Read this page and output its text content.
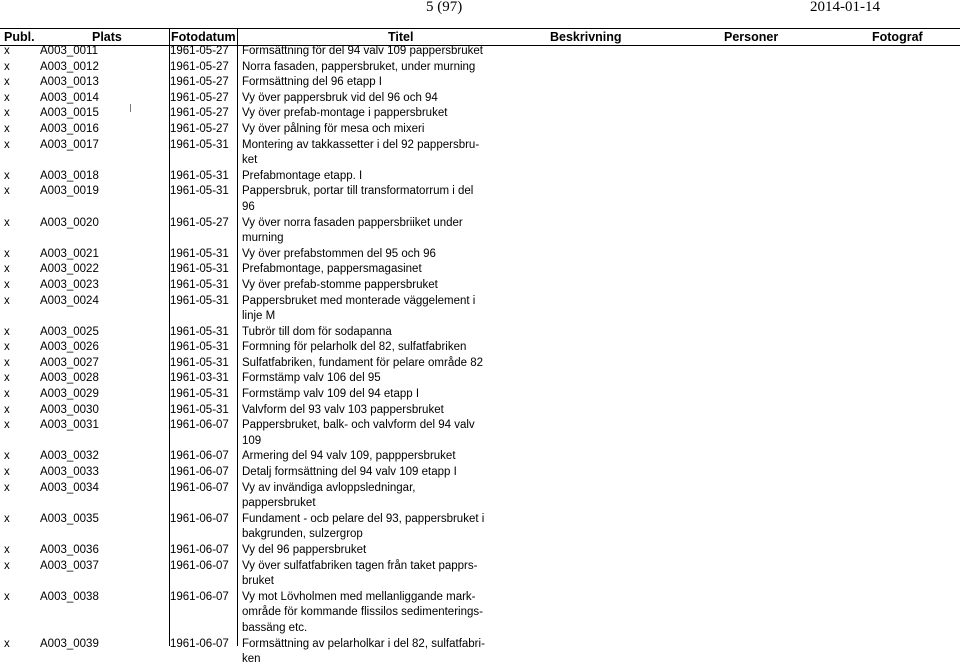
5 (97)	2014-01-14
Publ.	Plats	Fotodatum	Titel	Beskrivning	Personer	Fotograf
x	A003_0011	1961-05-27 Formsättning för del 94 valv 109 pappersbruket
x	A003_0012	1961-05-27 Norra fasaden, pappersbruket, under murning
x	A003_0013	1961-05-27 Formsättning del 96 etapp I
x	A003_0014	1961-05-27 Vy över pappersbruk vid del 96 och 94
x	A003_0015	1961-05-27 Vy över prefab-montage i pappersbruket
x	A003_0016	1961-05-27 Vy över pålning för mesa och mixeri
x	A003_0017	1961-05-31 Montering av takkassetter i del 92 pappersbru-
ket
x	A003_0018	1961-05-31 Prefabmontage etapp. I
x	A003_0019	1961-05-31 Pappersbruk, portar till transformatorrum i del
96
x	A003_0020	1961-05-27 Vy över norra fasaden pappersbriiket under
murning
x	A003_0021	1961-05-31 Vy över prefabstommen del 95 och 96
x	A003_0022	1961-05-31 Prefabmontage, pappersmagasinet
x	A003_0023	1961-05-31 Vy över prefab-stomme pappersbruket
x	A003_0024	1961-05-31 Pappersbruket med monterade väggelement i
linje M
x	A003_0025	1961-05-31 Tubrör till dom för sodapanna
x	A003_0026	1961-05-31 Formning för pelarholk del 82, sulfatfabriken
x	A003_0027	1961-05-31 Sulfatfabriken, fundament för pelare område 82
x	A003_0028	1961-03-31 Formstämp valv 106 del 95
x	A003_0029	1961-05-31 Formstämp valv 109 del 94 etapp I
x	A003_0030	1961-05-31 Valvform del 93 valv 103 pappersbruket
x	A003_0031	1961-06-07 Pappersbruket, balk- och valvform del 94 valv
109
x	A003_0032	1961-06-07 Armering del 94 valv 109, papppersbruket
x	A003_0033	1961-06-07 Detalj formsättning del 94 valv 109 etapp I
x	A003_0034	1961-06-07 Vy av invändiga avloppsledningar, pappersbruket
x	A003_0035	1961-06-07 Fundament - ocb pelare del 93, pappersbruket i
bakgrunden, sulzergrop
x	A003_0036	1961-06-07 Vy del 96 pappersbruket
x	A003_0037	1961-06-07 Vy över sulfatfabriken tagen från taket papprs-
bruket
x	A003_0038	1961-06-07 Vy mot Lövholmen med mellanliggande mark-
område för kommande flissilos sedimenterings-
bassäng etc.
x	A003_0039	1961-06-07 Formsättning av pelarholkar i del 82, sulfatfabri-
ken
